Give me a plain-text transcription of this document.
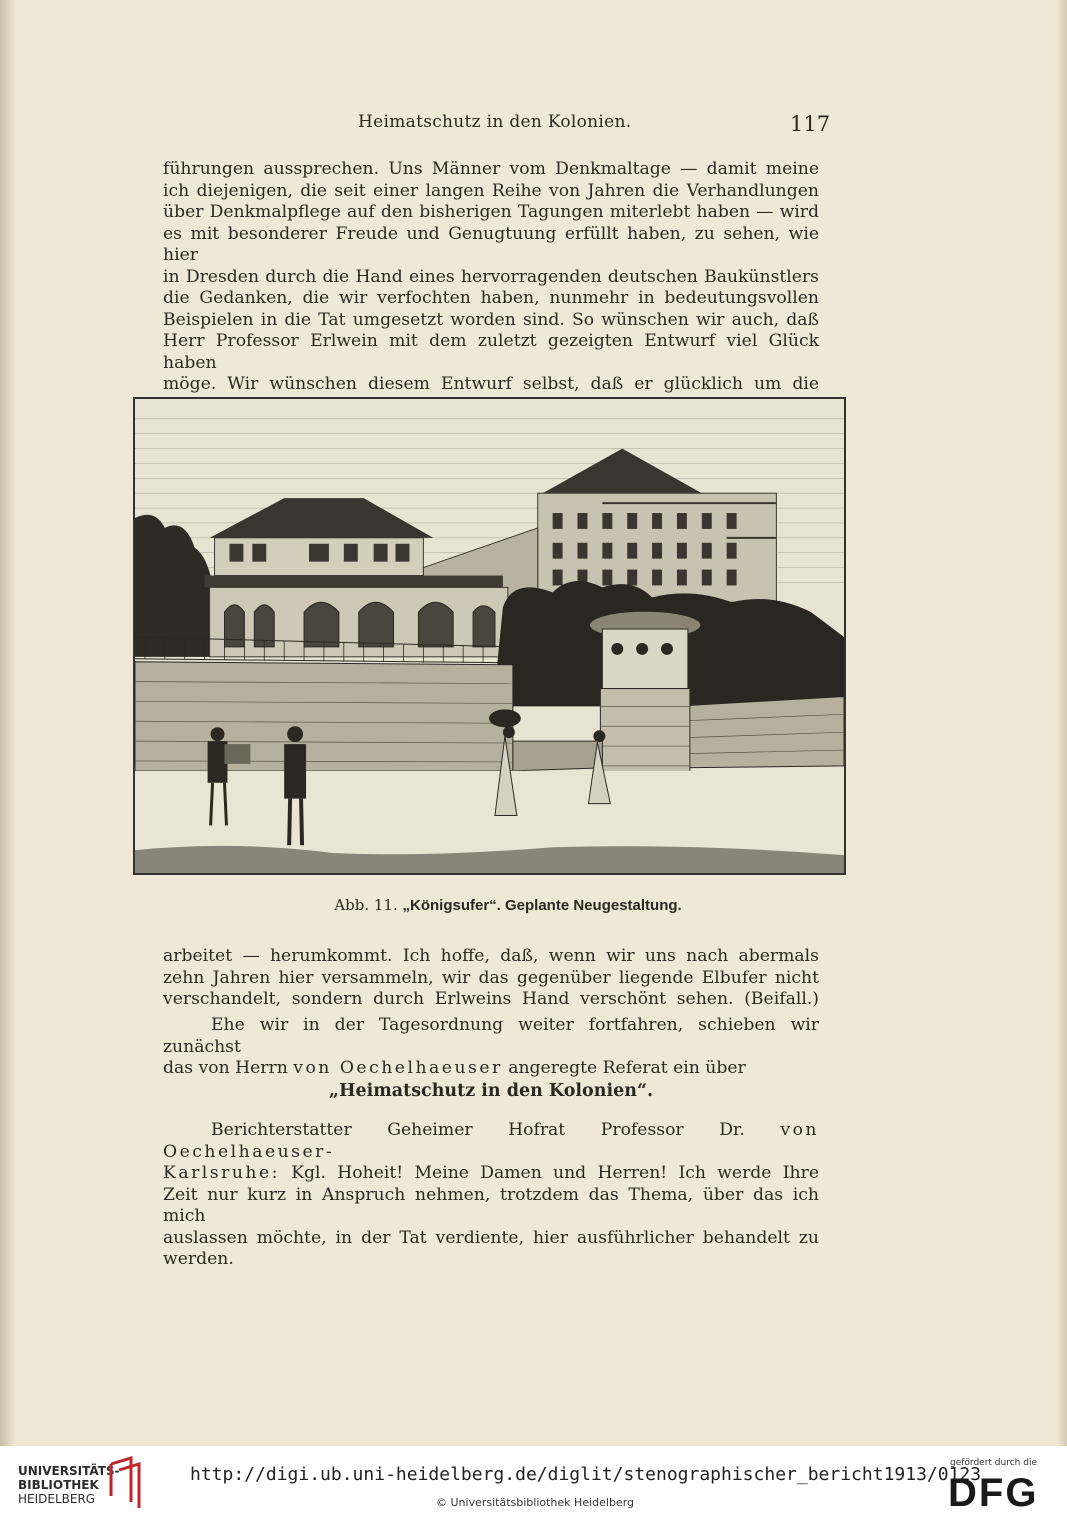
Heimatschutz in den Kolonien.	117
führungen aussprechen. Uns Männer vom Denkmaltage — damit meine
ich diejenigen, die seit einer langen Reihe von Jahren die Verhandlungen
über Denkmalpflege auf den bisherigen Tagungen miterlebt haben — wird
es mit besonderer Freude und Genugtuung erfüllt haben, zu sehen, wie hier
in Dresden durch die Hand eines hervorragenden deutschen Baukünstlers
die Gedanken, die wir verfochten haben, nunmehr in bedeutungsvollen
Beispielen in die Tat umgesetzt worden sind. So wünschen wir auch, daß
Herr Professor Erlwein mit dem zuletzt gezeigten Entwurf viel Glück haben
möge. Wir wünschen diesem Entwurf selbst, daß er glücklich um die
Abb. 11. „Königsufer“. Geplante Neugestaltung.
arbeitet — herumkommt. Ich hoffe, daß, wenn wir uns nach abermals
zehn Jahren hier versammeln, wir das gegenüber liegende Elbufer nicht
verschandelt, sondern durch Erlweins Hand verschönt sehen. (Beifall.)
Ehe wir in der Tagesordnung weiter fortfahren, schieben wir zunächst
das von Herrn von Oechelhaeuser angeregte Referat ein über
„Heimatschutz in den Kolonien“.
Berichterstatter Geheimer Hofrat Professor Dr. von Oechelhaeuser-
Karlsruhe: Kgl. Hoheit! Meine Damen und Herren! Ich werde Ihre
Zeit nur kurz in Anspruch nehmen, trotzdem das Thema, über das ich mich
auslassen möchte, in der Tat verdiente, hier ausführlicher behandelt zu
werden.
UNIVERSITÄTS-
BIBLIOTHEK
HEIDELBERG
http://digi.ub.uni-heidelberg.de/diglit/stenographischer_bericht1913/0123
© Universitätsbibliothek Heidelberg
gefördert durch die
DFG
